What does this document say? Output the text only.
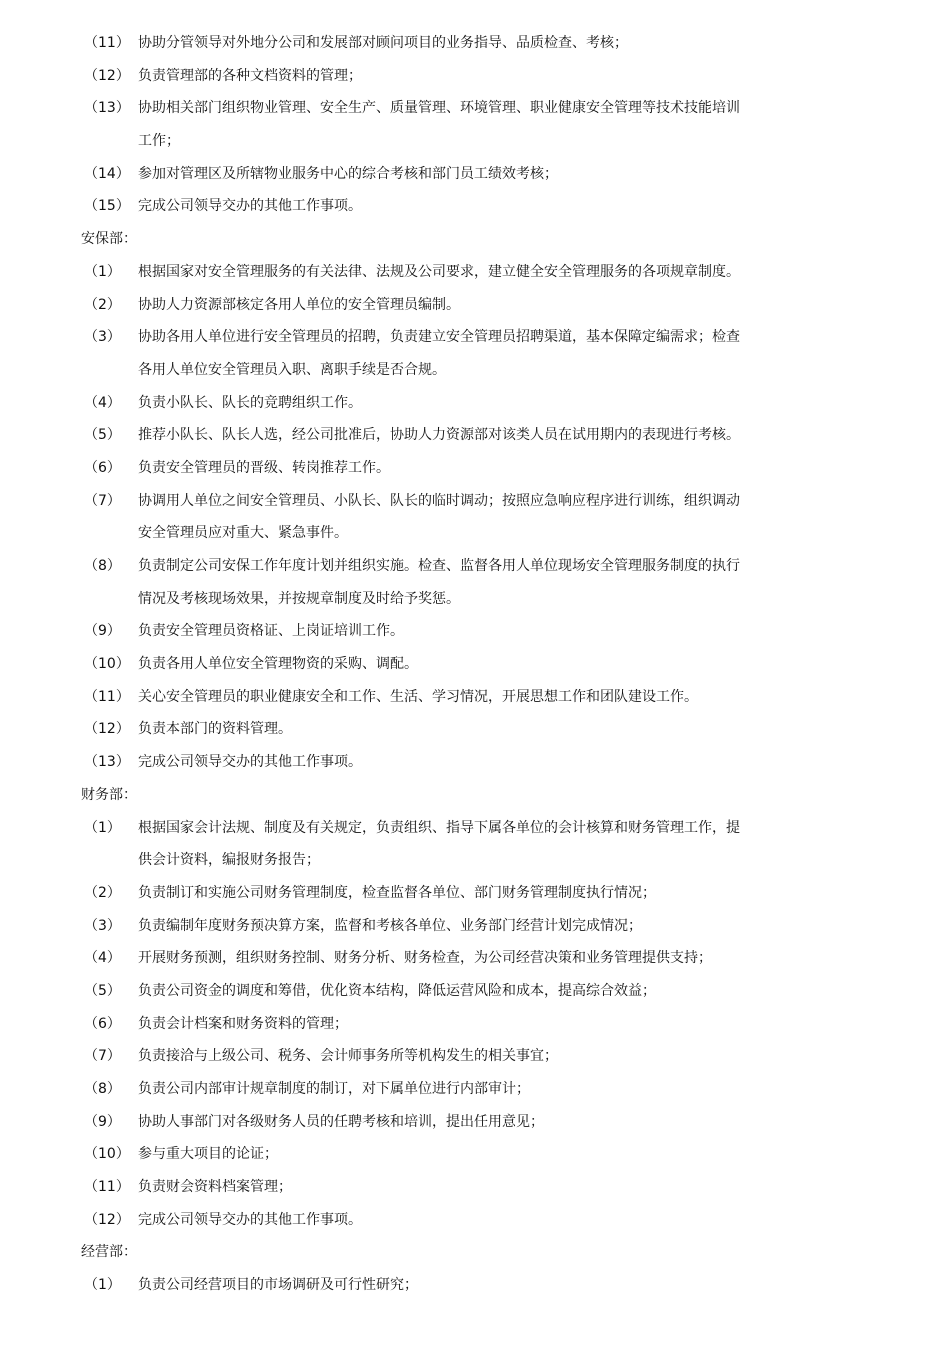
（11） 协助分管领导对外地分公司和发展部对顾问项目的业务指导、品质检查、考核；
（12） 负责管理部的各种文档资料的管理；
（13） 协助相关部门组织物业管理、安全生产、质量管理、环境管理、职业健康安全管理等技术技能培训
工作；
（14） 参加对管理区及所辖物业服务中心的综合考核和部门员工绩效考核；
（15） 完成公司领导交办的其他工作事项。
安保部：
（1） 根据国家对安全管理服务的有关法律、法规及公司要求，建立健全安全管理服务的各项规章制度。
（2） 协助人力资源部核定各用人单位的安全管理员编制。
（3） 协助各用人单位进行安全管理员的招聘，负责建立安全管理员招聘渠道，基本保障定编需求；检查
各用人单位安全管理员入职、离职手续是否合规。
（4） 负责小队长、队长的竞聘组织工作。
（5） 推荐小队长、队长人选，经公司批准后，协助人力资源部对该类人员在试用期内的表现进行考核。
（6） 负责安全管理员的晋级、转岗推荐工作。
（7） 协调用人单位之间安全管理员、小队长、队长的临时调动；按照应急响应程序进行训练，组织调动
安全管理员应对重大、紧急事件。
（8） 负责制定公司安保工作年度计划并组织实施。检查、监督各用人单位现场安全管理服务制度的执行
情况及考核现场效果，并按规章制度及时给予奖惩。
（9） 负责安全管理员资格证、上岗证培训工作。
（10） 负责各用人单位安全管理物资的采购、调配。
（11） 关心安全管理员的职业健康安全和工作、生活、学习情况，开展思想工作和团队建设工作。
（12） 负责本部门的资料管理。
（13） 完成公司领导交办的其他工作事项。
财务部：
（1） 根据国家会计法规、制度及有关规定，负责组织、指导下属各单位的会计核算和财务管理工作，提
供会计资料，编报财务报告；
（2） 负责制订和实施公司财务管理制度，检查监督各单位、部门财务管理制度执行情况；
（3） 负责编制年度财务预决算方案，监督和考核各单位、业务部门经营计划完成情况；
（4） 开展财务预测，组织财务控制、财务分析、财务检查，为公司经营决策和业务管理提供支持；
（5） 负责公司资金的调度和筹借，优化资本结构，降低运营风险和成本，提高综合效益；
（6） 负责会计档案和财务资料的管理；
（7） 负责接洽与上级公司、税务、会计师事务所等机构发生的相关事宜；
（8） 负责公司内部审计规章制度的制订，对下属单位进行内部审计；
（9） 协助人事部门对各级财务人员的任聘考核和培训，提出任用意见；
（10） 参与重大项目的论证；
（11） 负责财会资料档案管理；
（12） 完成公司领导交办的其他工作事项。
经营部：
（1） 负责公司经营项目的市场调研及可行性研究；
